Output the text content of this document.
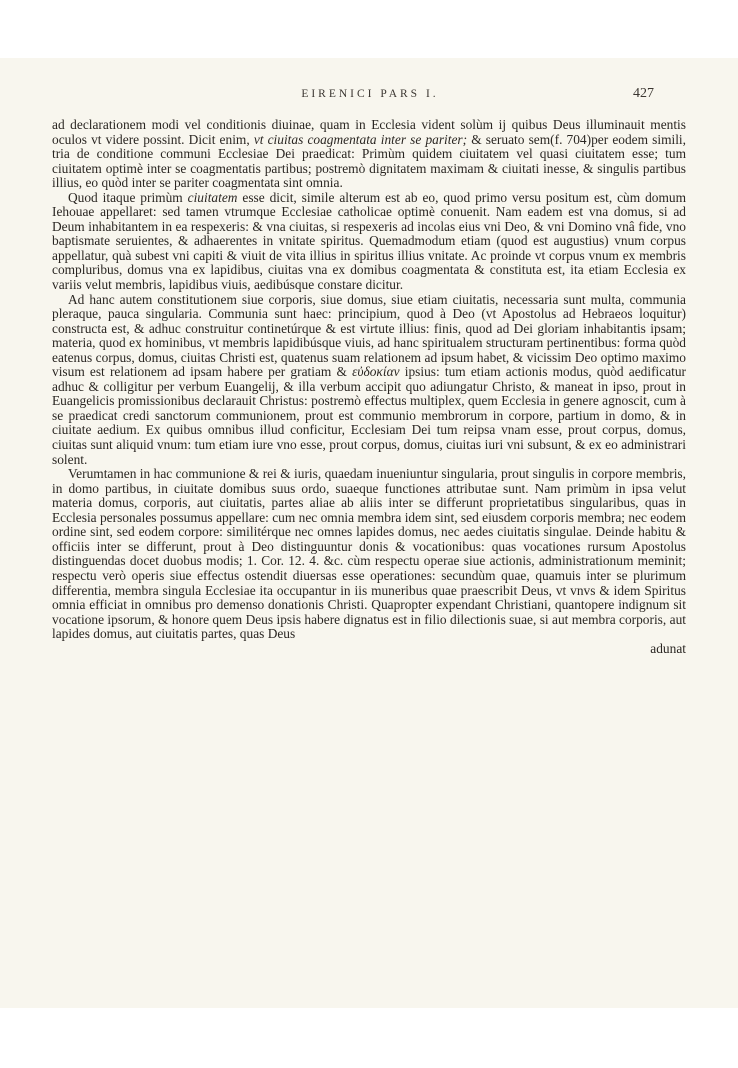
EIRENICI PARS I.	427

ad declarationem modi vel conditionis diuinae, quam in Ecclesia vident solùm ij quibus Deus illuminauit mentis oculos vt videre possint. Dicit enim, vt ciuitas coagmentata inter se pariter; & seruato sem(f. 704)per eodem simili, tria de conditione communi Ecclesiae Dei praedicat: Primùm quidem ciuitatem vel quasi ciuitatem esse; tum ciuitatem optimè inter se coagmentatis partibus; postremò dignitatem maximam & ciuitati inesse, & singulis partibus illius, eo quòd inter se pariter coagmentata sint omnia.

Quod itaque primùm ciuitatem esse dicit, simile alterum est ab eo, quod primo versu positum est, cùm domum Iehouae appellaret: sed tamen vtrumque Ecclesiae catholicae optimè conuenit. Nam eadem est vna domus, si ad Deum inhabitantem in ea respexeris: & vna ciuitas, si respexeris ad incolas eius vni Deo, & vni Domino vnâ fide, vno baptismate seruientes, & adhaerentes in vnitate spiritus. Quemadmodum etiam (quod est augustius) vnum corpus appellatur, quà subest vni capiti & viuit de vita illius in spiritus illius vnitate. Ac proinde vt corpus vnum ex membris compluribus, domus vna ex lapidibus, ciuitas vna ex domibus coagmentata & constituta est, ita etiam Ecclesia ex variis velut membris, lapidibus viuis, aedibúsque constare dicitur.

Ad hanc autem constitutionem siue corporis, siue domus, siue etiam ciuitatis, necessaria sunt multa, communia pleraque, pauca singularia. Communia sunt haec: principium, quod à Deo (vt Apostolus ad Hebraeos loquitur) constructa est, & adhuc construitur continetúrque & est virtute illius: finis, quod ad Dei gloriam inhabitantis ipsam; materia, quod ex hominibus, vt membris lapidibúsque viuis, ad hanc spiritualem structuram pertinentibus: forma quòd eatenus corpus, domus, ciuitas Christi est, quatenus suam relationem ad ipsum habet, & vicissim Deo optimo maximo visum est relationem ad ipsam habere per gratiam & εὐδοκίαν ipsius: tum etiam actionis modus, quòd aedificatur adhuc & colligitur per verbum Euangelij, & illa verbum accipit quo adiungatur Christo, & maneat in ipso, prout in Euangelicis promissionibus declarauit Christus: postremò effectus multiplex, quem Ecclesia in genere agnoscit, cum à se praedicat credi sanctorum communionem, prout est communio membrorum in corpore, partium in domo, & in ciuitate aedium. Ex quibus omnibus illud conficitur, Ecclesiam Dei tum reipsa vnam esse, prout corpus, domus, ciuitas sunt aliquid vnum: tum etiam iure vno esse, prout corpus, domus, ciuitas iuri vni subsunt, & ex eo administrari solent.

Verumtamen in hac communione & rei & iuris, quaedam inueniuntur singularia, prout singulis in corpore membris, in domo partibus, in ciuitate domibus suus ordo, suaeque functiones attributae sunt. Nam primùm in ipsa velut materia domus, corporis, aut ciuitatis, partes aliae ab aliis inter se differunt proprietatibus singularibus, quas in Ecclesia personales possumus appellare: cum nec omnia membra idem sint, sed eiusdem corporis membra; nec eodem ordine sint, sed eodem corpore: similitérque nec omnes lapides domus, nec aedes ciuitatis singulae. Deinde habitu & officiis inter se differunt, prout à Deo distinguuntur donis & vocationibus: quas vocationes rursum Apostolus distinguendas docet duobus modis; 1. Cor. 12. 4. &c. cùm respectu operae siue actionis, administrationum meminit; respectu verò operis siue effectus ostendit diuersas esse operationes: secundùm quae, quamuis inter se plurimum differentia, membra singula Ecclesiae ita occupantur in iis muneribus quae praescribit Deus, vt vnvs & idem Spiritus omnia efficiat in omnibus pro demenso donationis Christi. Quapropter expendant Christiani, quantopere indignum sit vocatione ipsorum, & honore quem Deus ipsis habere dignatus est in filio dilectionis suae, si aut membra corporis, aut lapides domus, aut ciuitatis partes, quas Deus

adunat
